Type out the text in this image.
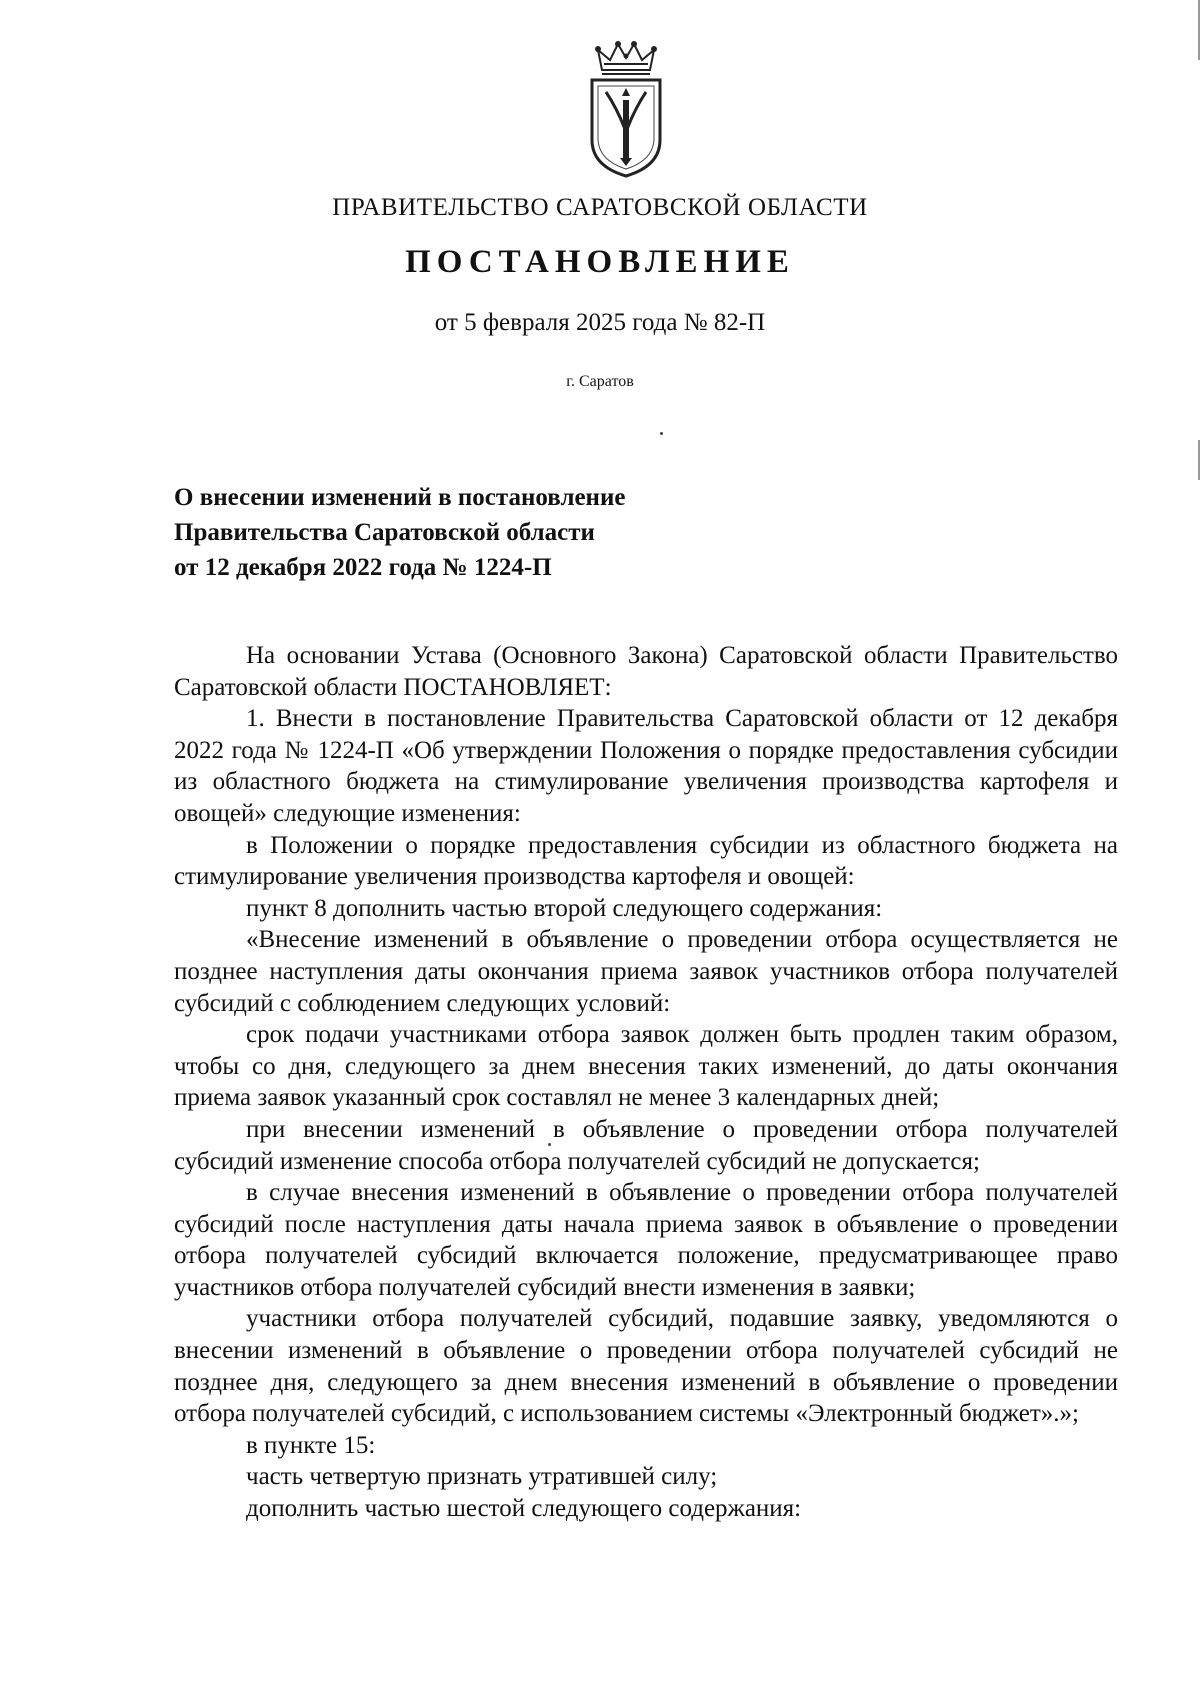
ПРАВИТЕЛЬСТВО САРАТОВСКОЙ ОБЛАСТИ
ПОСТАНОВЛЕНИЕ
от 5 февраля 2025 года № 82-П
г. Саратов
О внесении изменений в постановление
Правительства Саратовской области
от 12 декабря 2022 года № 1224-П

На основании Устава (Основного Закона) Саратовской области Правительство Саратовской области ПОСТАНОВЛЯЕТ:

1. Внести в постановление Правительства Саратовской области от 12 декабря 2022 года № 1224-П «Об утверждении Положения о порядке предоставления субсидии из областного бюджета на стимулирование увеличения производства картофеля и овощей» следующие изменения:

в Положении о порядке предоставления субсидии из областного бюджета на стимулирование увеличения производства картофеля и овощей:

пункт 8 дополнить частью второй следующего содержания:

«Внесение изменений в объявление о проведении отбора осуществляется не позднее наступления даты окончания приема заявок участников отбора получателей субсидий с соблюдением следующих условий:

срок подачи участниками отбора заявок должен быть продлен таким образом, чтобы со дня, следующего за днем внесения таких изменений, до даты окончания приема заявок указанный срок составлял не менее 3 календарных дней;

при внесении изменений в объявление о проведении отбора получателей субсидий изменение способа отбора получателей субсидий не допускается;

в случае внесения изменений в объявление о проведении отбора получателей субсидий после наступления даты начала приема заявок в объявление о проведении отбора получателей субсидий включается положение, предусматривающее право участников отбора получателей субсидий внести изменения в заявки;

участники отбора получателей субсидий, подавшие заявку, уведомляются о внесении изменений в объявление о проведении отбора получателей субсидий не позднее дня, следующего за днем внесения изменений в объявление о проведении отбора получателей субсидий, с использованием системы «Электронный бюджет».»;

в пункте 15:

часть четвертую признать утратившей силу;

дополнить частью шестой следующего содержания:
